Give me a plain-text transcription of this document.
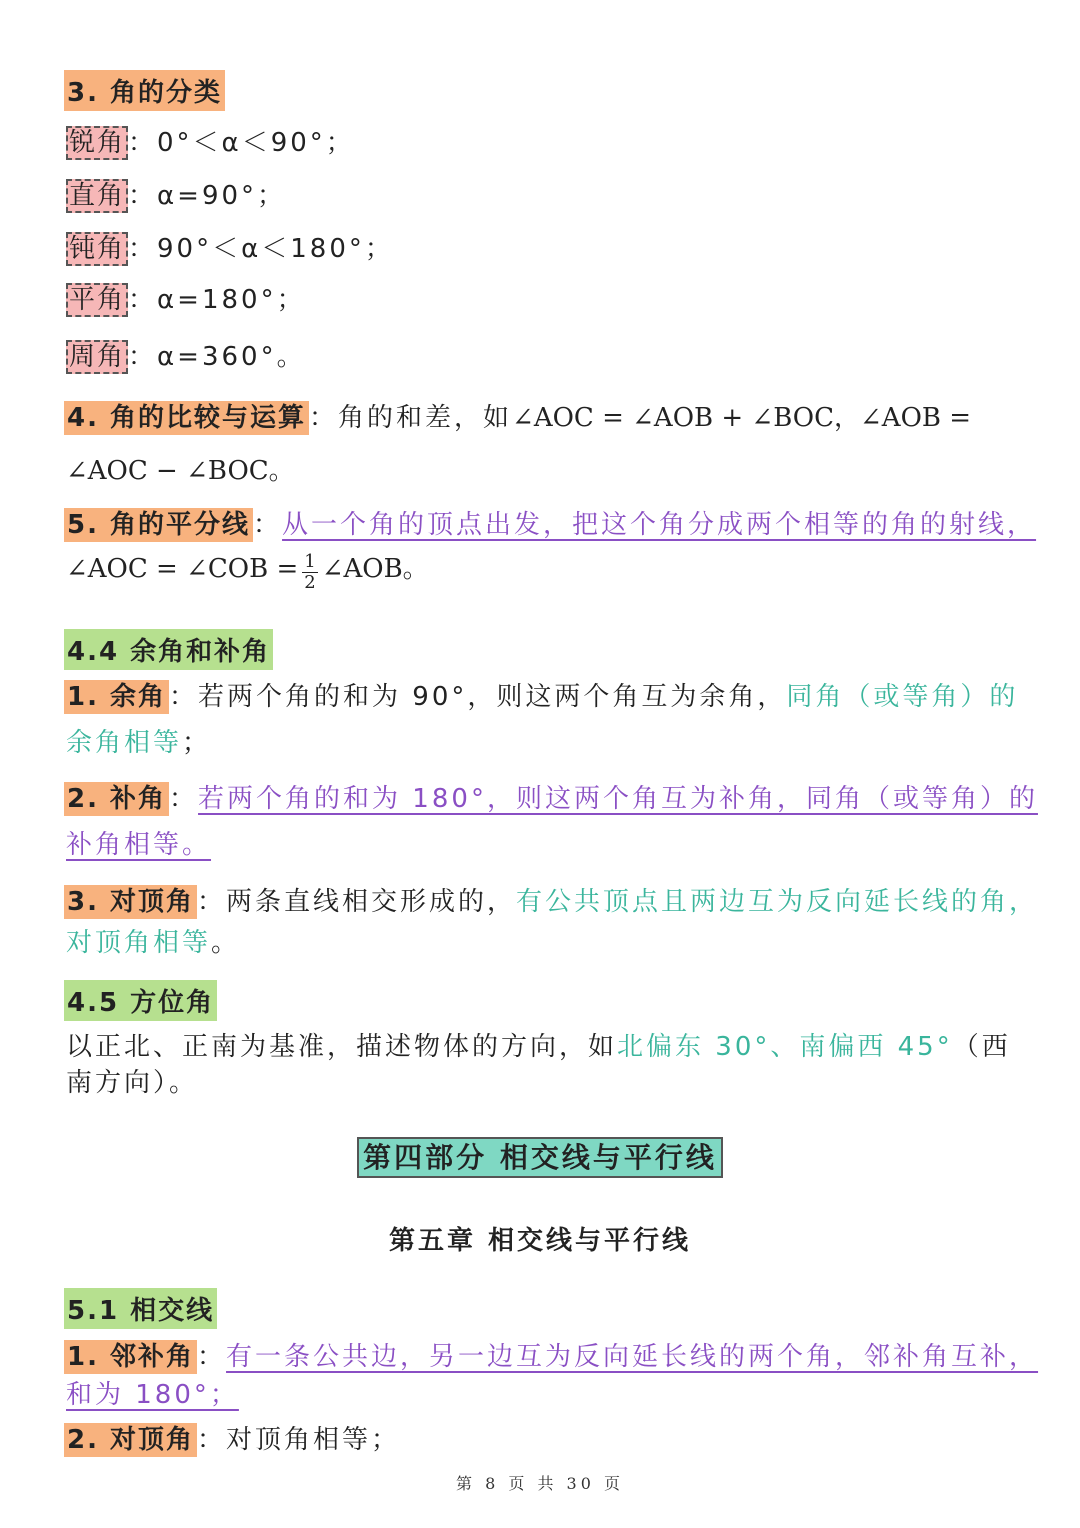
3. 角的分类
锐角 ：0°＜α＜90°；
直角 ：α=90°；
钝角 ：90°＜α＜180°；
平角 ：α=180°；
周角 ：α=360°。
4. 角的比较与运算 ：角的和差，如∠AOC = ∠AOB + ∠BOC，∠AOB =
∠AOC − ∠BOC。
5. 角的平分线 ：从一个角的顶点出发，把这个角分成两个相等的角的射线，
∠AOC = ∠COB = $\frac{1}{2}$ ∠AOB。
4.4 余角和补角
1. 余角 ：若两个角的和为 90°，则这两个角互为余角，同角（或等角）的
余角相等；
2. 补角 ：若两个角的和为 180°，则这两个角互为补角，同角（或等角）的
补角相等。
3. 对顶角 ：两条直线相交形成的，有公共顶点且两边互为反向延长线的角，
对顶角相等。
4.5 方位角
以正北、正南为基准，描述物体的方向，如北偏东 30°、南偏西 45°（西
南方向）。
第四部分 相交线与平行线
第五章 相交线与平行线
5.1 相交线
1. 邻补角 ：有一条公共边，另一边互为反向延长线的两个角，邻补角互补，
和为 180°；
2. 对顶角 ：对顶角相等；
第 8 页 共 30 页
